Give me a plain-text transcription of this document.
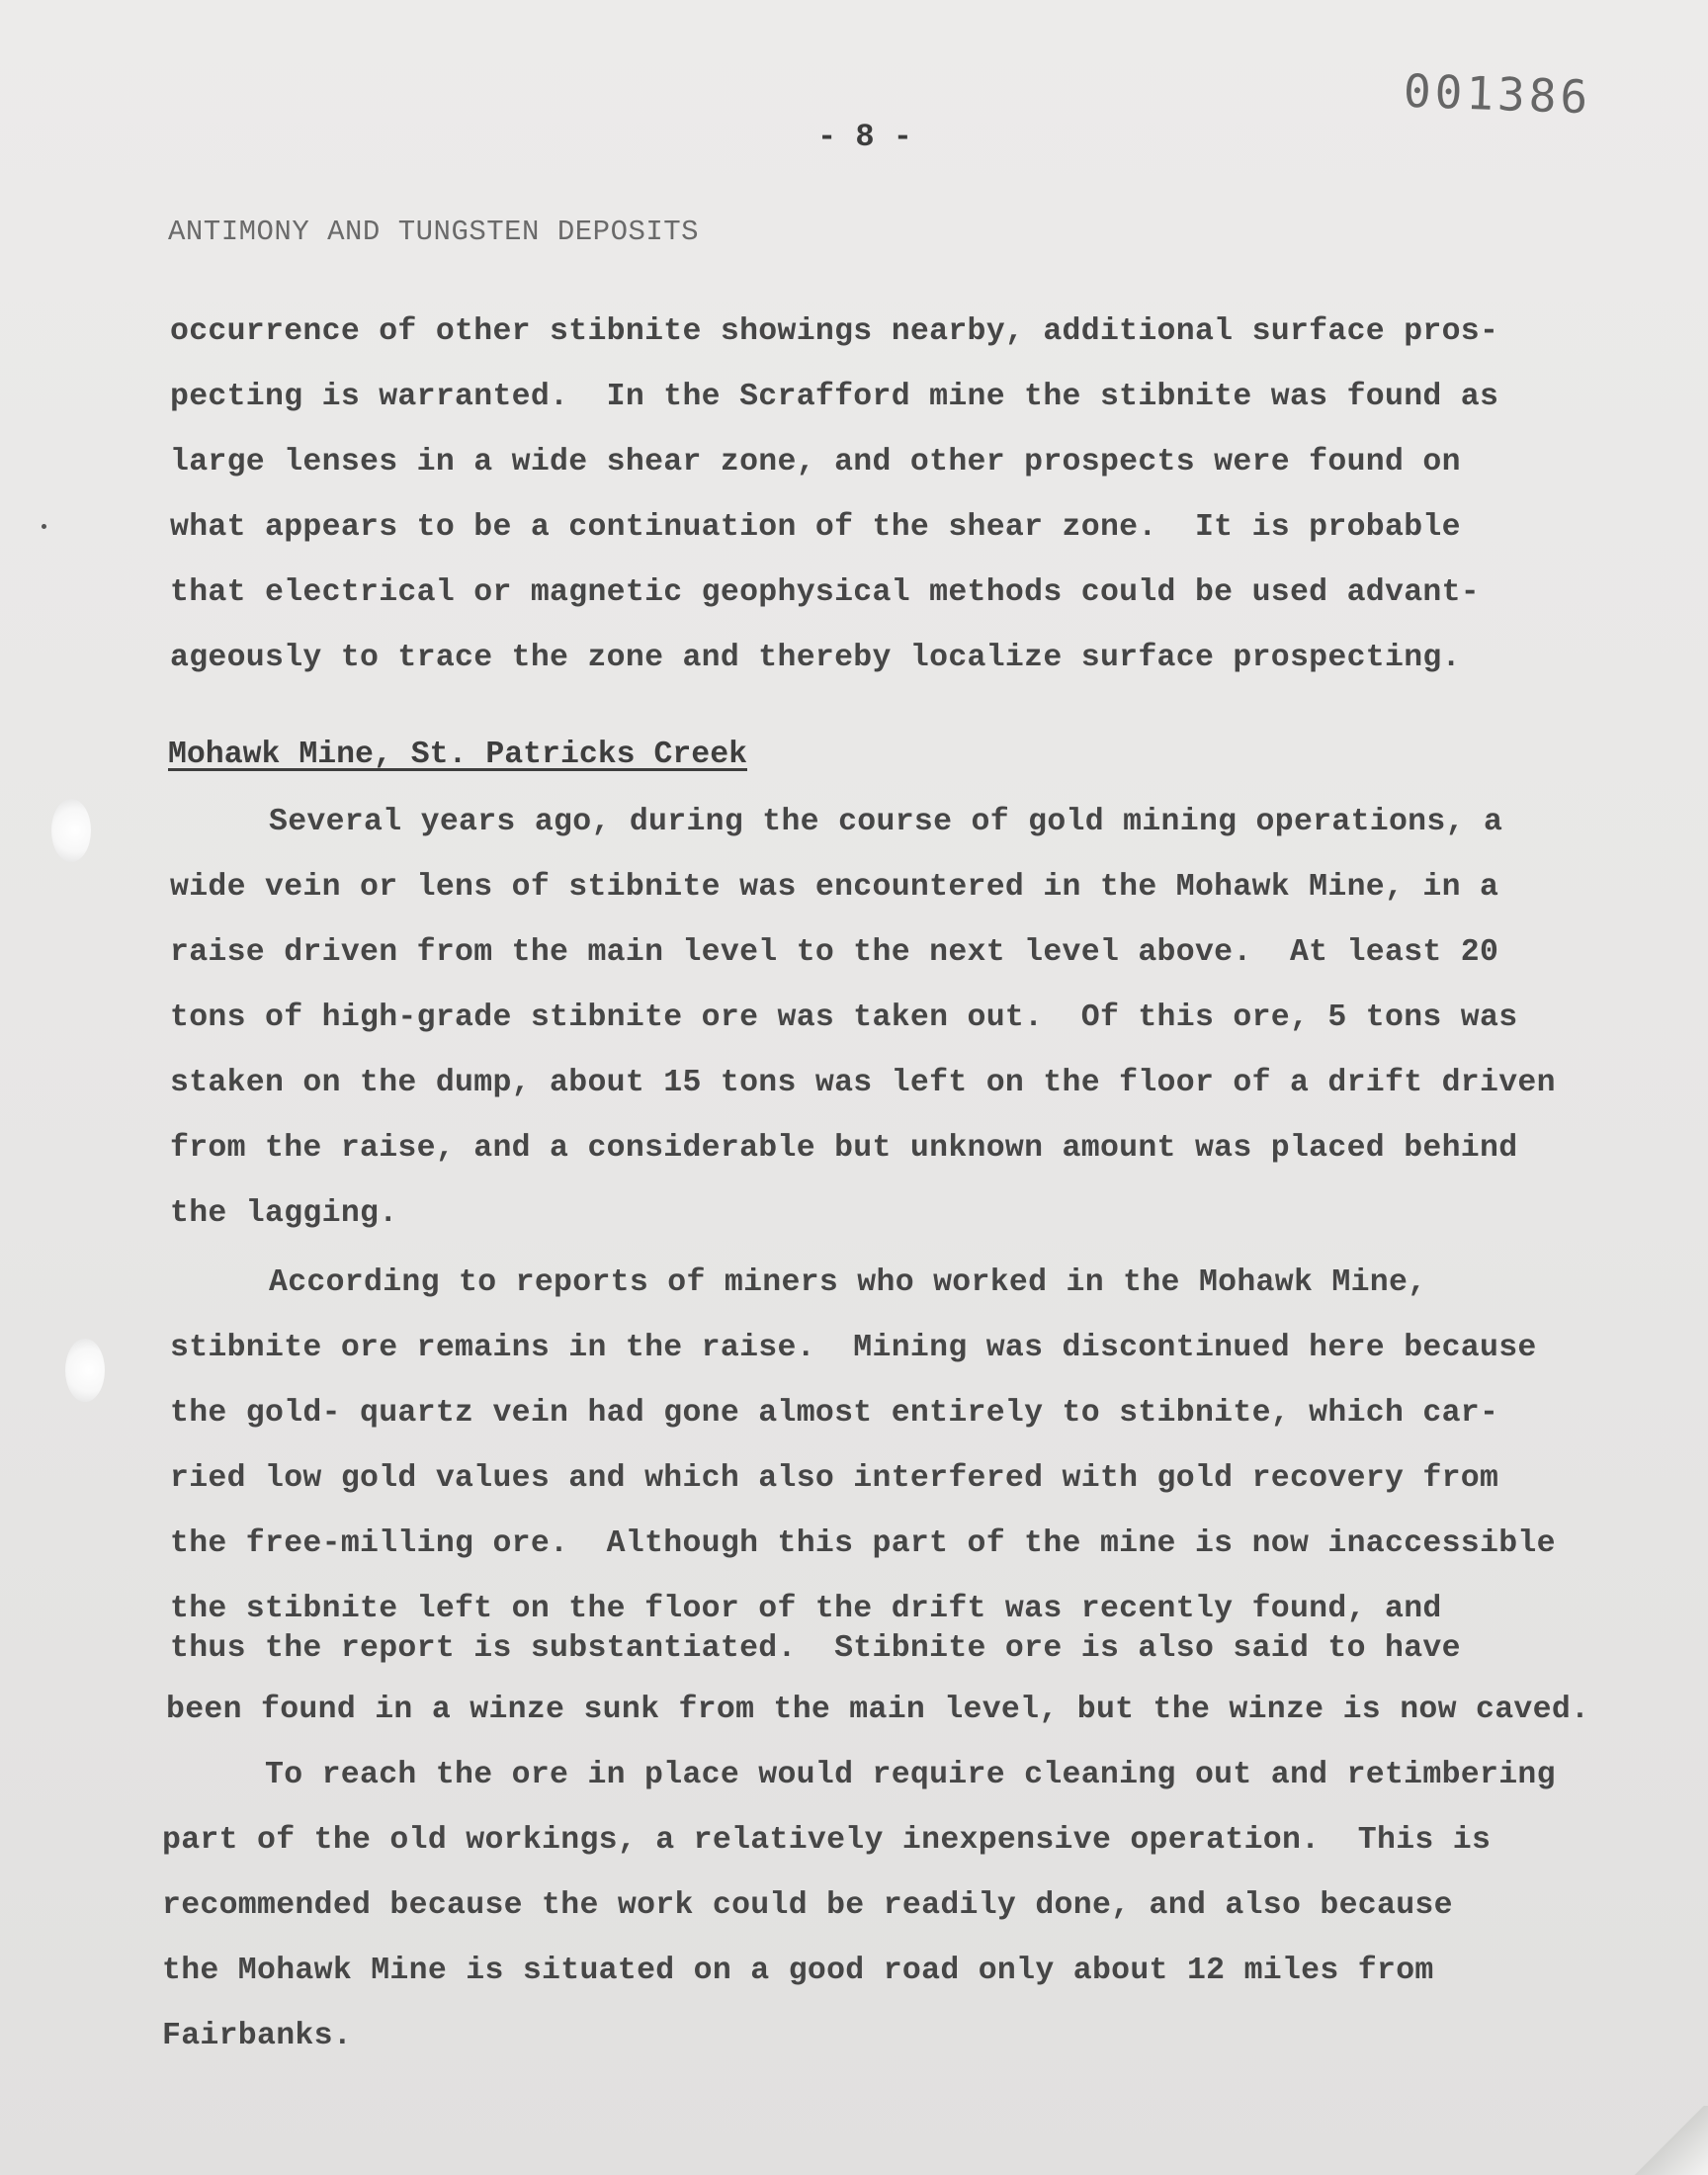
001386
- 8 -
ANTIMONY AND TUNGSTEN DEPOSITS
occurrence of other stibnite showings nearby, additional surface pros-
pecting is warranted.  In the Scrafford mine the stibnite was found as
large lenses in a wide shear zone, and other prospects were found on
what appears to be a continuation of the shear zone.  It is probable
that electrical or magnetic geophysical methods could be used advant-
ageously to trace the zone and thereby localize surface prospecting.
Mohawk Mine, St. Patricks Creek
Several years ago, during the course of gold mining operations, a
wide vein or lens of stibnite was encountered in the Mohawk Mine, in a
raise driven from the main level to the next level above.  At least 20
tons of high-grade stibnite ore was taken out.  Of this ore, 5 tons was
staken on the dump, about 15 tons was left on the floor of a drift driven
from the raise, and a considerable but unknown amount was placed behind
the lagging.
According to reports of miners who worked in the Mohawk Mine,
stibnite ore remains in the raise.  Mining was discontinued here because
the gold- quartz vein had gone almost entirely to stibnite, which car-
ried low gold values and which also interfered with gold recovery from
the free-milling ore.  Although this part of the mine is now inaccessible
the stibnite left on the floor of the drift was recently found, and
thus the report is substantiated.  Stibnite ore is also said to have
been found in a winze sunk from the main level, but the winze is now caved.
To reach the ore in place would require cleaning out and retimbering
part of the old workings, a relatively inexpensive operation.  This is
recommended because the work could be readily done, and also because
the Mohawk Mine is situated on a good road only about 12 miles from
Fairbanks.
